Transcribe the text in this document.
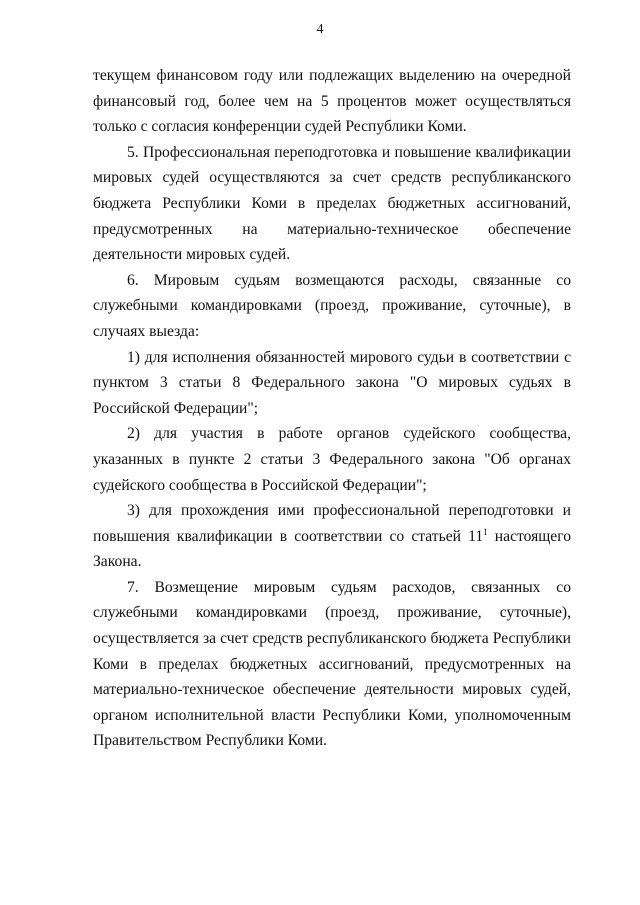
4

текущем финансовом году или подлежащих выделению на очередной финансовый год, более чем на 5 процентов может осуществляться только с согласия конференции судей Республики Коми.

5. Профессиональная переподготовка и повышение квалификации мировых судей осуществляются за счет средств республиканского бюджета Республики Коми в пределах бюджетных ассигнований, предусмотренных на материально-техническое обеспечение деятельности мировых судей.

6. Мировым судьям возмещаются расходы, связанные со служебными командировками (проезд, проживание, суточные), в случаях выезда:

1) для исполнения обязанностей мирового судьи в соответствии с пунктом 3 статьи 8 Федерального закона "О мировых судьях в Российской Федерации";

2) для участия в работе органов судейского сообщества, указанных в пункте 2 статьи 3 Федерального закона "Об органах судейского сообщества в Российской Федерации";

3) для прохождения ими профессиональной переподготовки и повышения квалификации в соответствии со статьей $11^1$ настоящего Закона.

7. Возмещение мировым судьям расходов, связанных со служебными командировками (проезд, проживание, суточные), осуществляется за счет средств республиканского бюджета Республики Коми в пределах бюджетных ассигнований, предусмотренных на материально-техническое обеспечение деятельности мировых судей, органом исполнительной власти Республики Коми, уполномоченным Правительством Республики Коми.
